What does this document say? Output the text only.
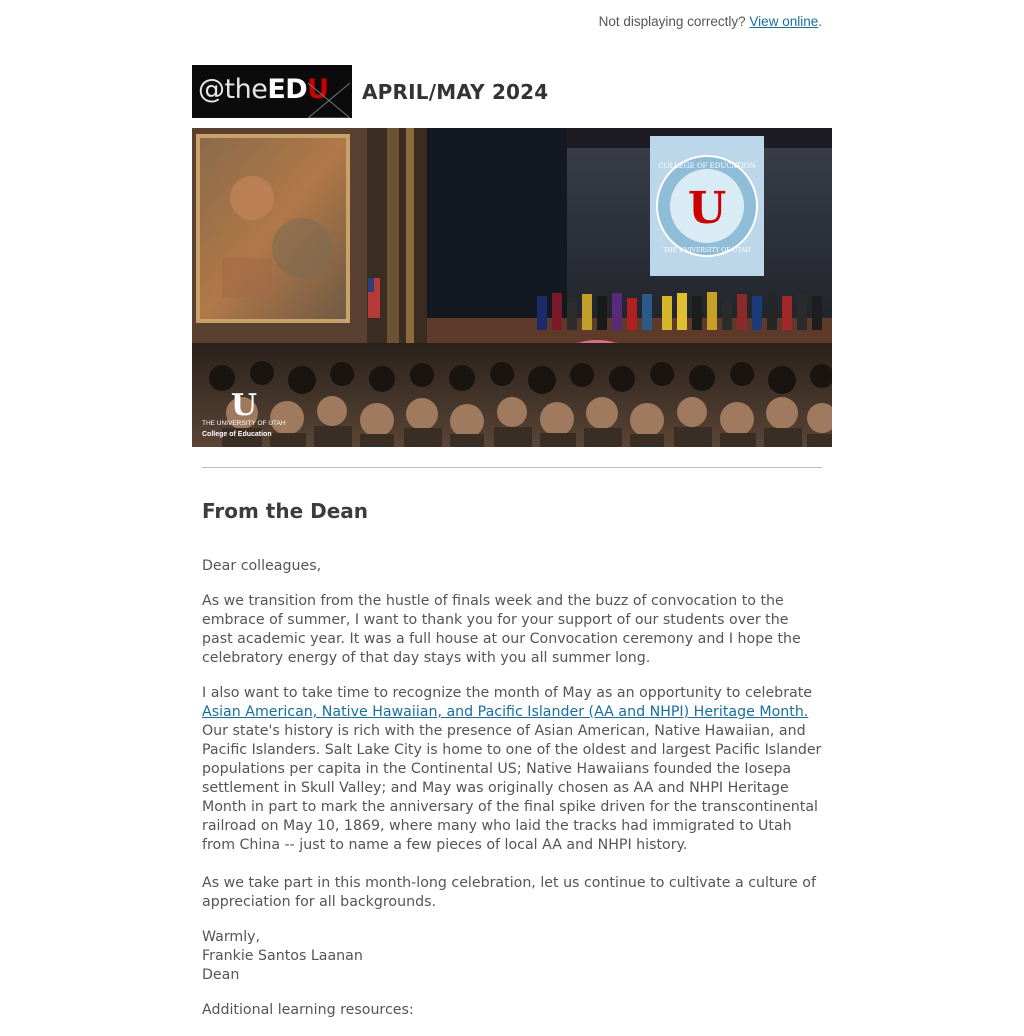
Not displaying correctly? View online.
@theEDU APRIL/MAY 2024
COLLEGE OF EDUCATION
THE UNIVERSITY OF UTAH
U
U
THE UNIVERSITY OF UTAH
College of Education
From the Dean
Dear colleagues,
As we transition from the hustle of finals week and the buzz of convocation to the embrace of summer, I want to thank you for your support of our students over the past academic year. It was a full house at our Convocation ceremony and I hope the celebratory energy of that day stays with you all summer long.
I also want to take time to recognize the month of May as an opportunity to celebrate Asian American, Native Hawaiian, and Pacific Islander (AA and NHPI) Heritage Month. Our state's history is rich with the presence of Asian American, Native Hawaiian, and Pacific Islanders. Salt Lake City is home to one of the oldest and largest Pacific Islander populations per capita in the Continental US; Native Hawaiians founded the Iosepa settlement in Skull Valley; and May was originally chosen as AA and NHPI Heritage Month in part to mark the anniversary of the final spike driven for the transcontinental railroad on May 10, 1869, where many who laid the tracks had immigrated to Utah from China -- just to name a few pieces of local AA and NHPI history.
As we take part in this month-long celebration, let us continue to cultivate a culture of appreciation for all backgrounds.
Warmly,
Frankie Santos Laanan
Dean
Additional learning resources:
